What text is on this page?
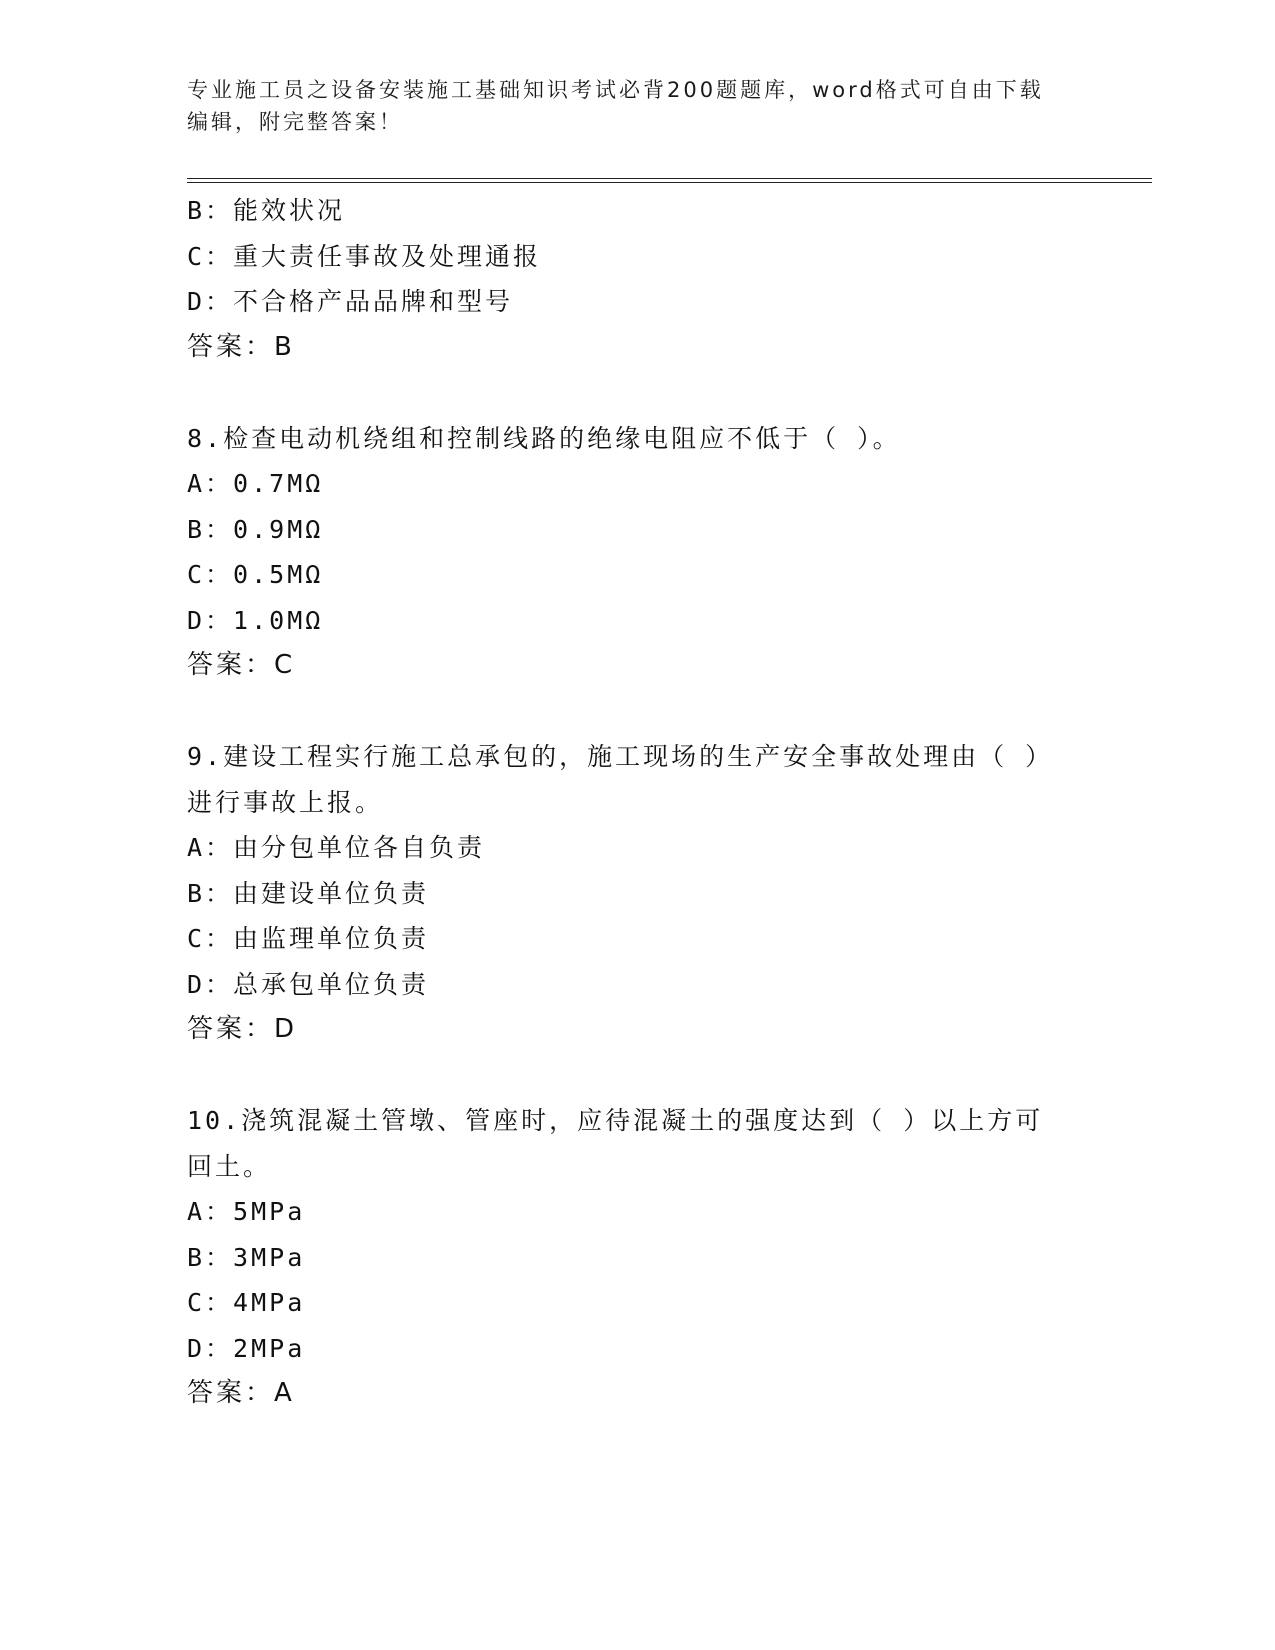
专业施工员之设备安装施工基础知识考试必背200题题库，word格式可自由下载
编辑，附完整答案！
B：能效状况
C：重大责任事故及处理通报
D：不合格产品品牌和型号
答案：B
8.检查电动机绕组和控制线路的绝缘电阻应不低于（ ）。
A：0.7MΩ
B：0.9MΩ
C：0.5MΩ
D：1.0MΩ
答案：C
9.建设工程实行施工总承包的，施工现场的生产安全事故处理由（ ）
进行事故上报。
A：由分包单位各自负责
B：由建设单位负责
C：由监理单位负责
D：总承包单位负责
答案：D
10.浇筑混凝土管墩、管座时，应待混凝土的强度达到（ ）以上方可
回土。
A：5MPa
B：3MPa
C：4MPa
D：2MPa
答案：A
